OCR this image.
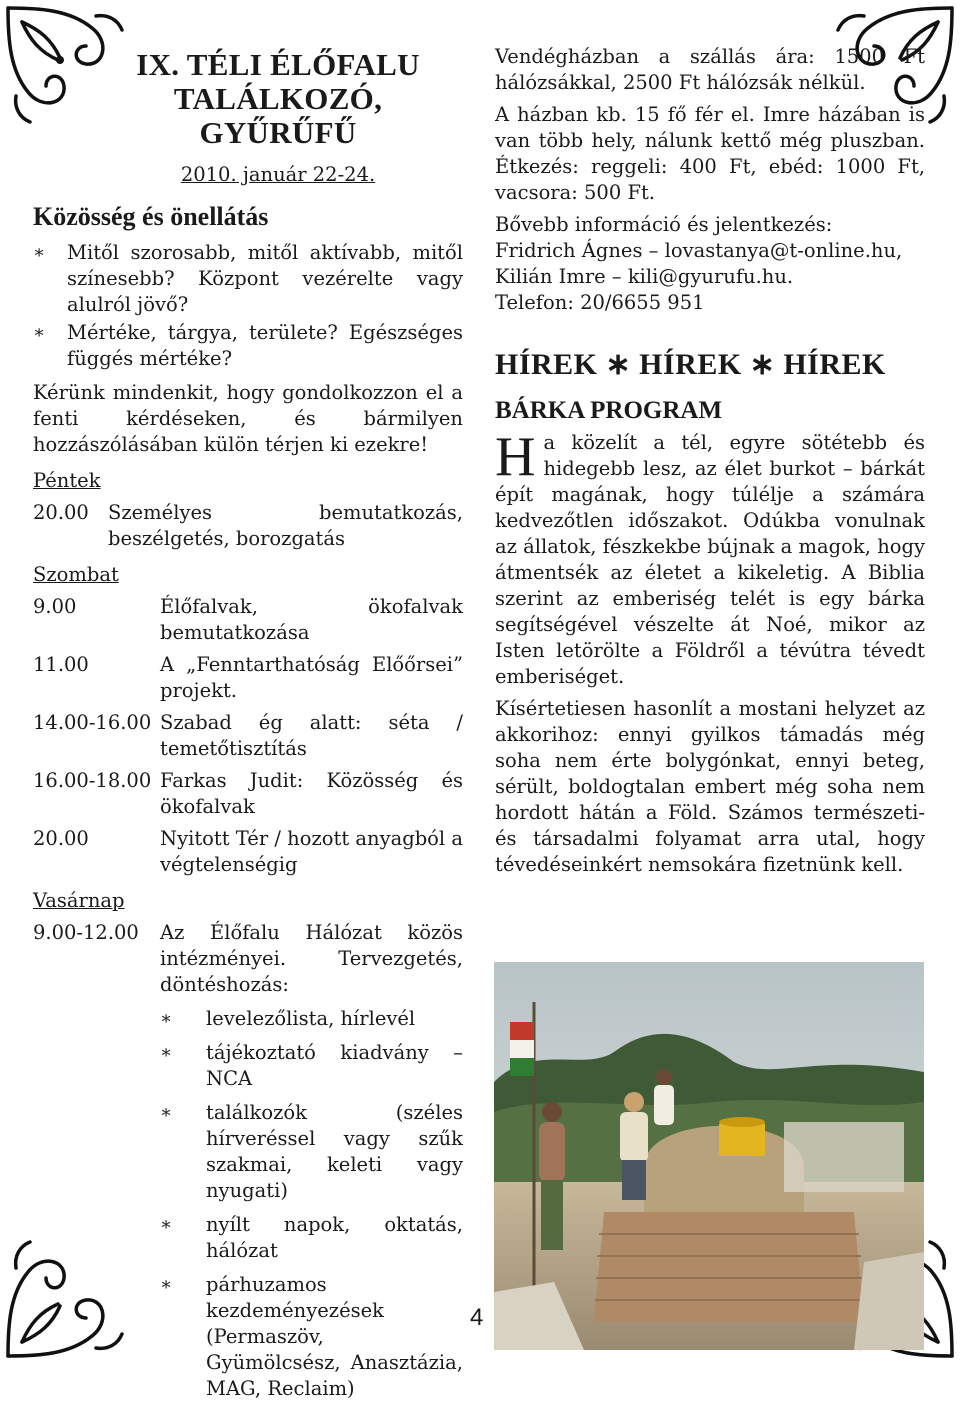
IX. TÉLI ÉLŐFALU
TALÁLKOZÓ, GYŰRŰFŰ
2010. január 22-24.
Közösség és önellátás
∗ Mitől szorosabb, mitől aktívabb, mitől színesebb? Központ vezérelte vagy alulról jövő?
∗ Mértéke, tárgya, területe? Egészséges függés mértéke?

Kérünk mindenkit, hogy gondolkozzon el a fenti kérdéseken, és bármilyen hozzászólásában külön térjen ki ezekre!

Péntek
20.00 Személyes bemutatkozás, beszélgetés, borozgatás
Szombat
9.00	Élőfalvak, ökofalvak bemutatkozása
11.00	A „Fenntarthatóság Előőrsei” projekt.
14.00-16.00 Szabad ég alatt: séta / temetőtisztítás
16.00-18.00 Farkas Judit: Közösség és ökofalvak
20.00	Nyitott Tér / hozott anyagból a végtelenségig
Vasárnap
9.00-12.00	Az Élőfalu Hálózat közös intézményei. Tervezgetés, döntéshozás:
∗ levelezőlista, hírlevél
∗ tájékoztató kiadvány – NCA
∗ találkozók (széles hírveréssel vagy szűk szakmai, keleti vagy nyugati)
∗ nyílt napok, oktatás, hálózat
∗ párhuzamos kezdeményezések (Permaszöv, Gyümölcsész, Anasztázia, MAG, Reclaim)

Vendégházban a szállás ára: 1500 Ft hálózsákkal, 2500 Ft hálózsák nélkül.

A házban kb. 15 fő fér el. Imre házában is van több hely, nálunk kettő még pluszban. Étkezés: reggeli: 400 Ft, ebéd: 1000 Ft, vacsora: 500 Ft.

Bővebb információ és jelentkezés:

Fridrich Ágnes – lovastanya@t-online.hu,

Kilián Imre – kili@gyurufu.hu.

Telefon: 20/6655 951

HÍREK ∗ HÍREK ∗ HÍREK
BÁRKA PROGRAM

Ha közelít a tél, egyre sötétebb és hidegebb lesz, az élet burkot – bárkát épít magának, hogy túlélje a számára kedvezőtlen időszakot. Odúkba vonulnak az állatok, fészkekbe bújnak a magok, hogy átmentsék az életet a kikeletig. A Biblia szerint az emberiség telét is egy bárka segítségével vészelte át Noé, mikor az Isten letörölte a Földről a tévútra tévedt emberiséget.

Kísértetiesen hasonlít a mostani helyzet az akkorihoz: ennyi gyilkos támadás még soha nem érte bolygónkat, ennyi beteg, sérült, boldogtalan embert még soha nem hordott hátán a Föld. Számos természeti- és társadalmi folyamat arra utal, hogy tévedéseinkért nemsokára fizetnünk kell.

4
